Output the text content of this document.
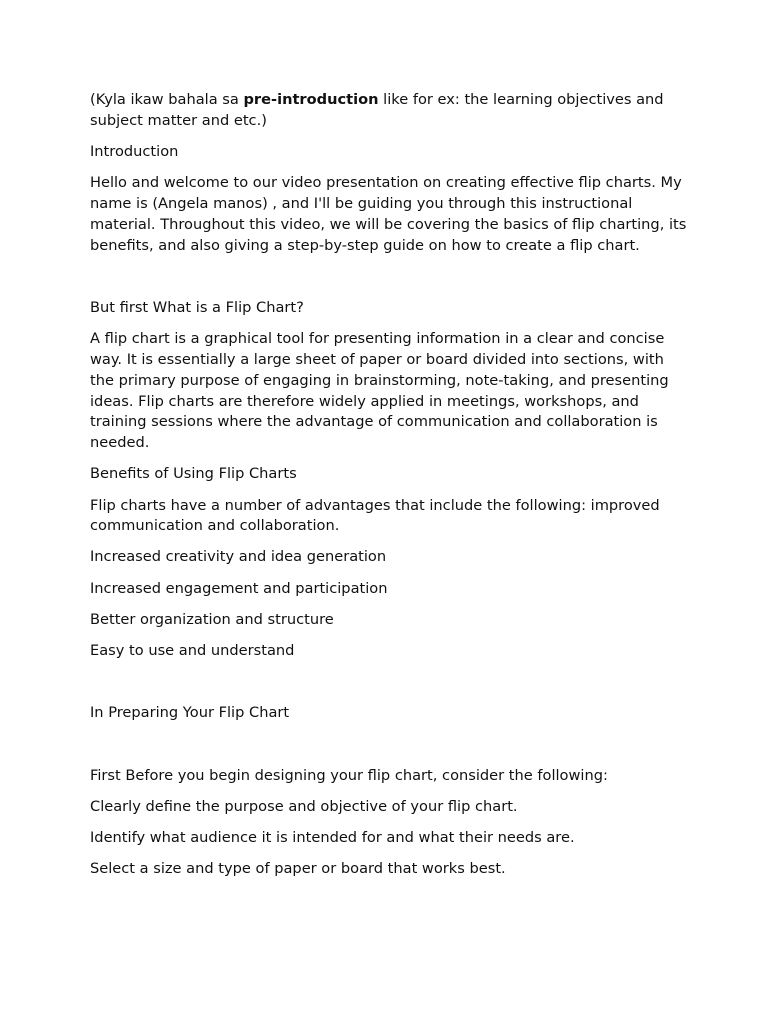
(Kyla ikaw bahala sa pre-introduction like for ex: the learning objectives and subject matter and etc.)

Introduction

Hello and welcome to our video presentation on creating effective flip charts. My name is (Angela manos) , and I'll be guiding you through this instructional material. Throughout this video, we will be covering the basics of flip charting, its benefits, and also giving a step-by-step guide on how to create a flip chart.

But first What is a Flip Chart?

A flip chart is a graphical tool for presenting information in a clear and concise way. It is essentially a large sheet of paper or board divided into sections, with the primary purpose of engaging in brainstorming, note-taking, and presenting ideas. Flip charts are therefore widely applied in meetings, workshops, and training sessions where the advantage of communication and collaboration is needed.

Benefits of Using Flip Charts

Flip charts have a number of advantages that include the following: improved communication and collaboration.

Increased creativity and idea generation

Increased engagement and participation

Better organization and structure

Easy to use and understand

In Preparing Your Flip Chart

First Before you begin designing your flip chart, consider the following:

Clearly define the purpose and objective of your flip chart.

Identify what audience it is intended for and what their needs are.

Select a size and type of paper or board that works best.
